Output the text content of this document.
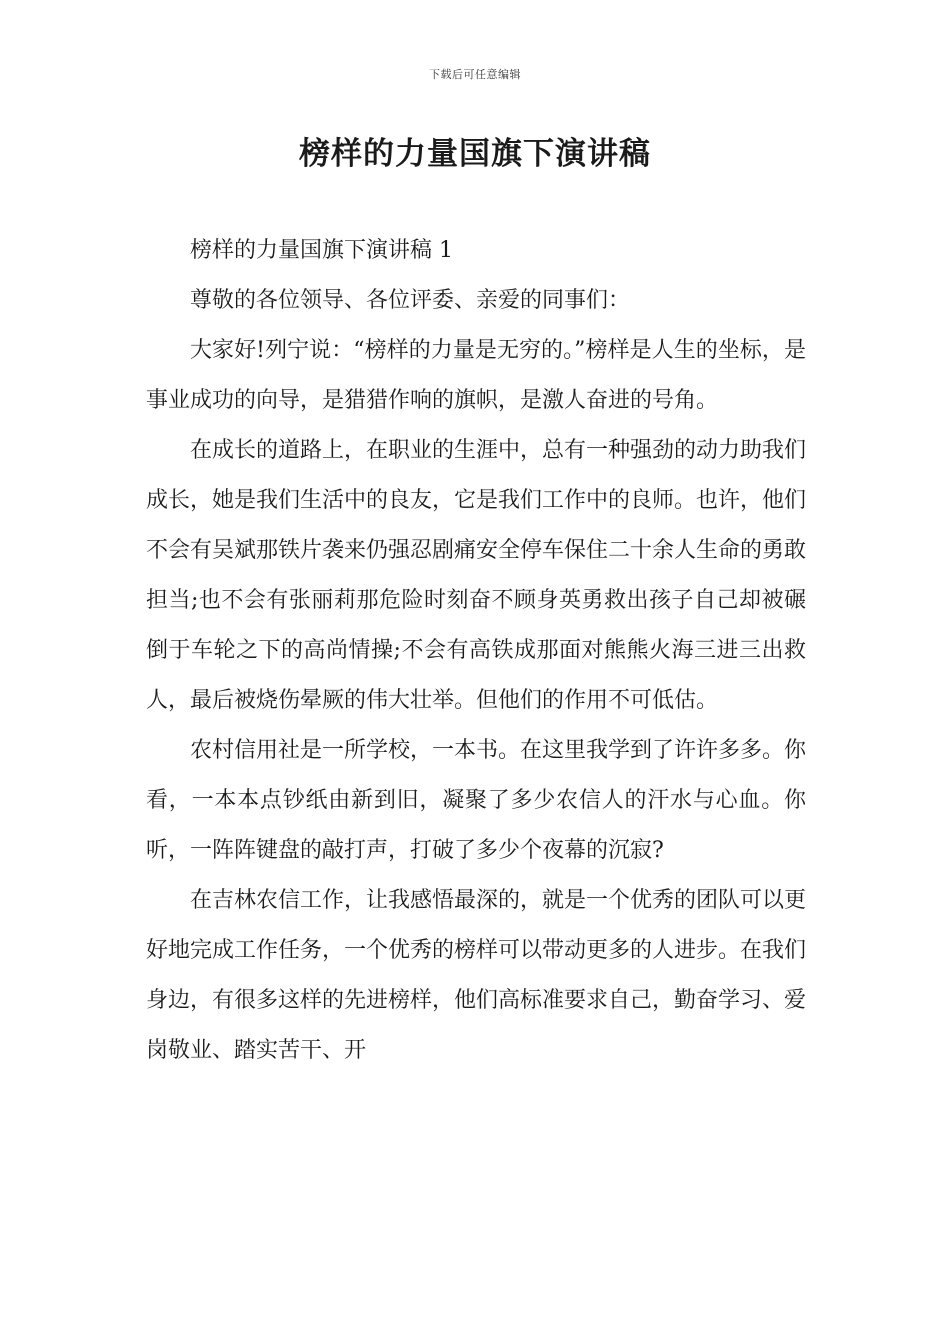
下载后可任意编辑
榜样的力量国旗下演讲稿

榜样的力量国旗下演讲稿 1

尊敬的各位领导、各位评委、亲爱的同事们：

大家好!列宁说：“榜样的力量是无穷的。”榜样是人生的坐标，是事业成功的向导，是猎猎作响的旗帜，是激人奋进的号角。

在成长的道路上，在职业的生涯中，总有一种强劲的动力助我们成长，她是我们生活中的良友，它是我们工作中的良师。也许，他们不会有吴斌那铁片袭来仍强忍剧痛安全停车保住二十余人生命的勇敢担当;也不会有张丽莉那危险时刻奋不顾身英勇救出孩子自己却被碾倒于车轮之下的高尚情操;不会有高铁成那面对熊熊火海三进三出救人，最后被烧伤晕厥的伟大壮举。但他们的作用不可低估。

农村信用社是一所学校，一本书。在这里我学到了许许多多。你看，一本本点钞纸由新到旧，凝聚了多少农信人的汗水与心血。你听，一阵阵键盘的敲打声，打破了多少个夜幕的沉寂?

在吉林农信工作，让我感悟最深的，就是一个优秀的团队可以更好地完成工作任务，一个优秀的榜样可以带动更多的人进步。在我们身边，有很多这样的先进榜样，他们高标准要求自己，勤奋学习、爱岗敬业、踏实苦干、开
